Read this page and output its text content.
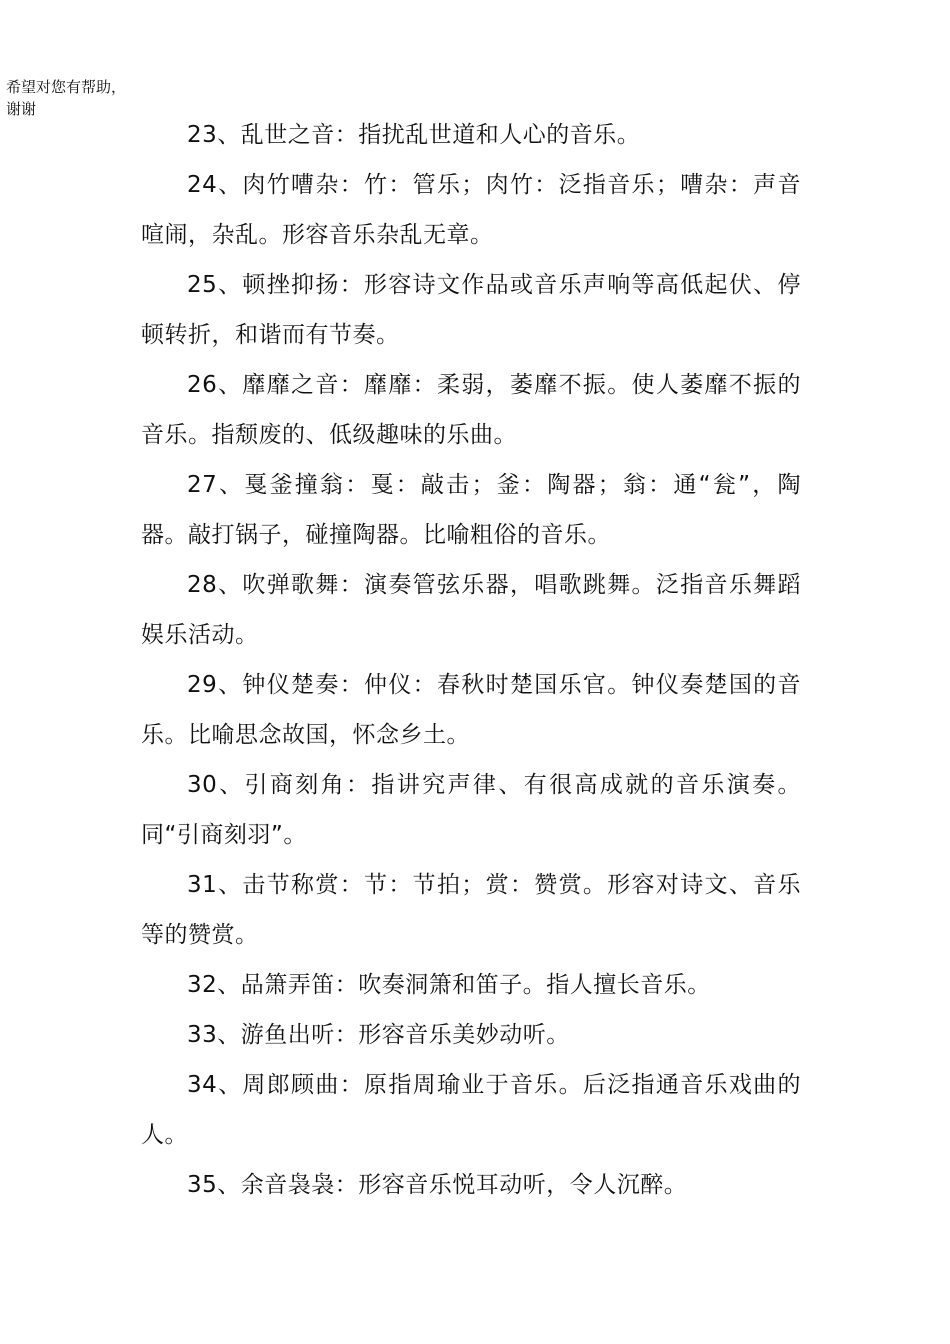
希望对您有帮助，
谢谢

23、乱世之音：指扰乱世道和人心的音乐。

24、肉竹嘈杂：竹：管乐；肉竹：泛指音乐；嘈杂：声音喧闹，杂乱。形容音乐杂乱无章。

25、顿挫抑扬：形容诗文作品或音乐声响等高低起伏、停顿转折，和谐而有节奏。

26、靡靡之音：靡靡：柔弱，萎靡不振。使人萎靡不振的音乐。指颓废的、低级趣味的乐曲。

27、戛釜撞翁：戛：敲击；釜：陶器；翁：通“瓮”，陶器。敲打锅子，碰撞陶器。比喻粗俗的音乐。

28、吹弹歌舞：演奏管弦乐器，唱歌跳舞。泛指音乐舞蹈娱乐活动。

29、钟仪楚奏：仲仪：春秋时楚国乐官。钟仪奏楚国的音乐。比喻思念故国，怀念乡土。

30、引商刻角：指讲究声律、有很高成就的音乐演奏。同“引商刻羽”。

31、击节称赏：节：节拍；赏：赞赏。形容对诗文、音乐等的赞赏。

32、品箫弄笛：吹奏洞箫和笛子。指人擅长音乐。

33、游鱼出听：形容音乐美妙动听。

34、周郎顾曲：原指周瑜业于音乐。后泛指通音乐戏曲的人。

35、余音袅袅：形容音乐悦耳动听，令人沉醉。
